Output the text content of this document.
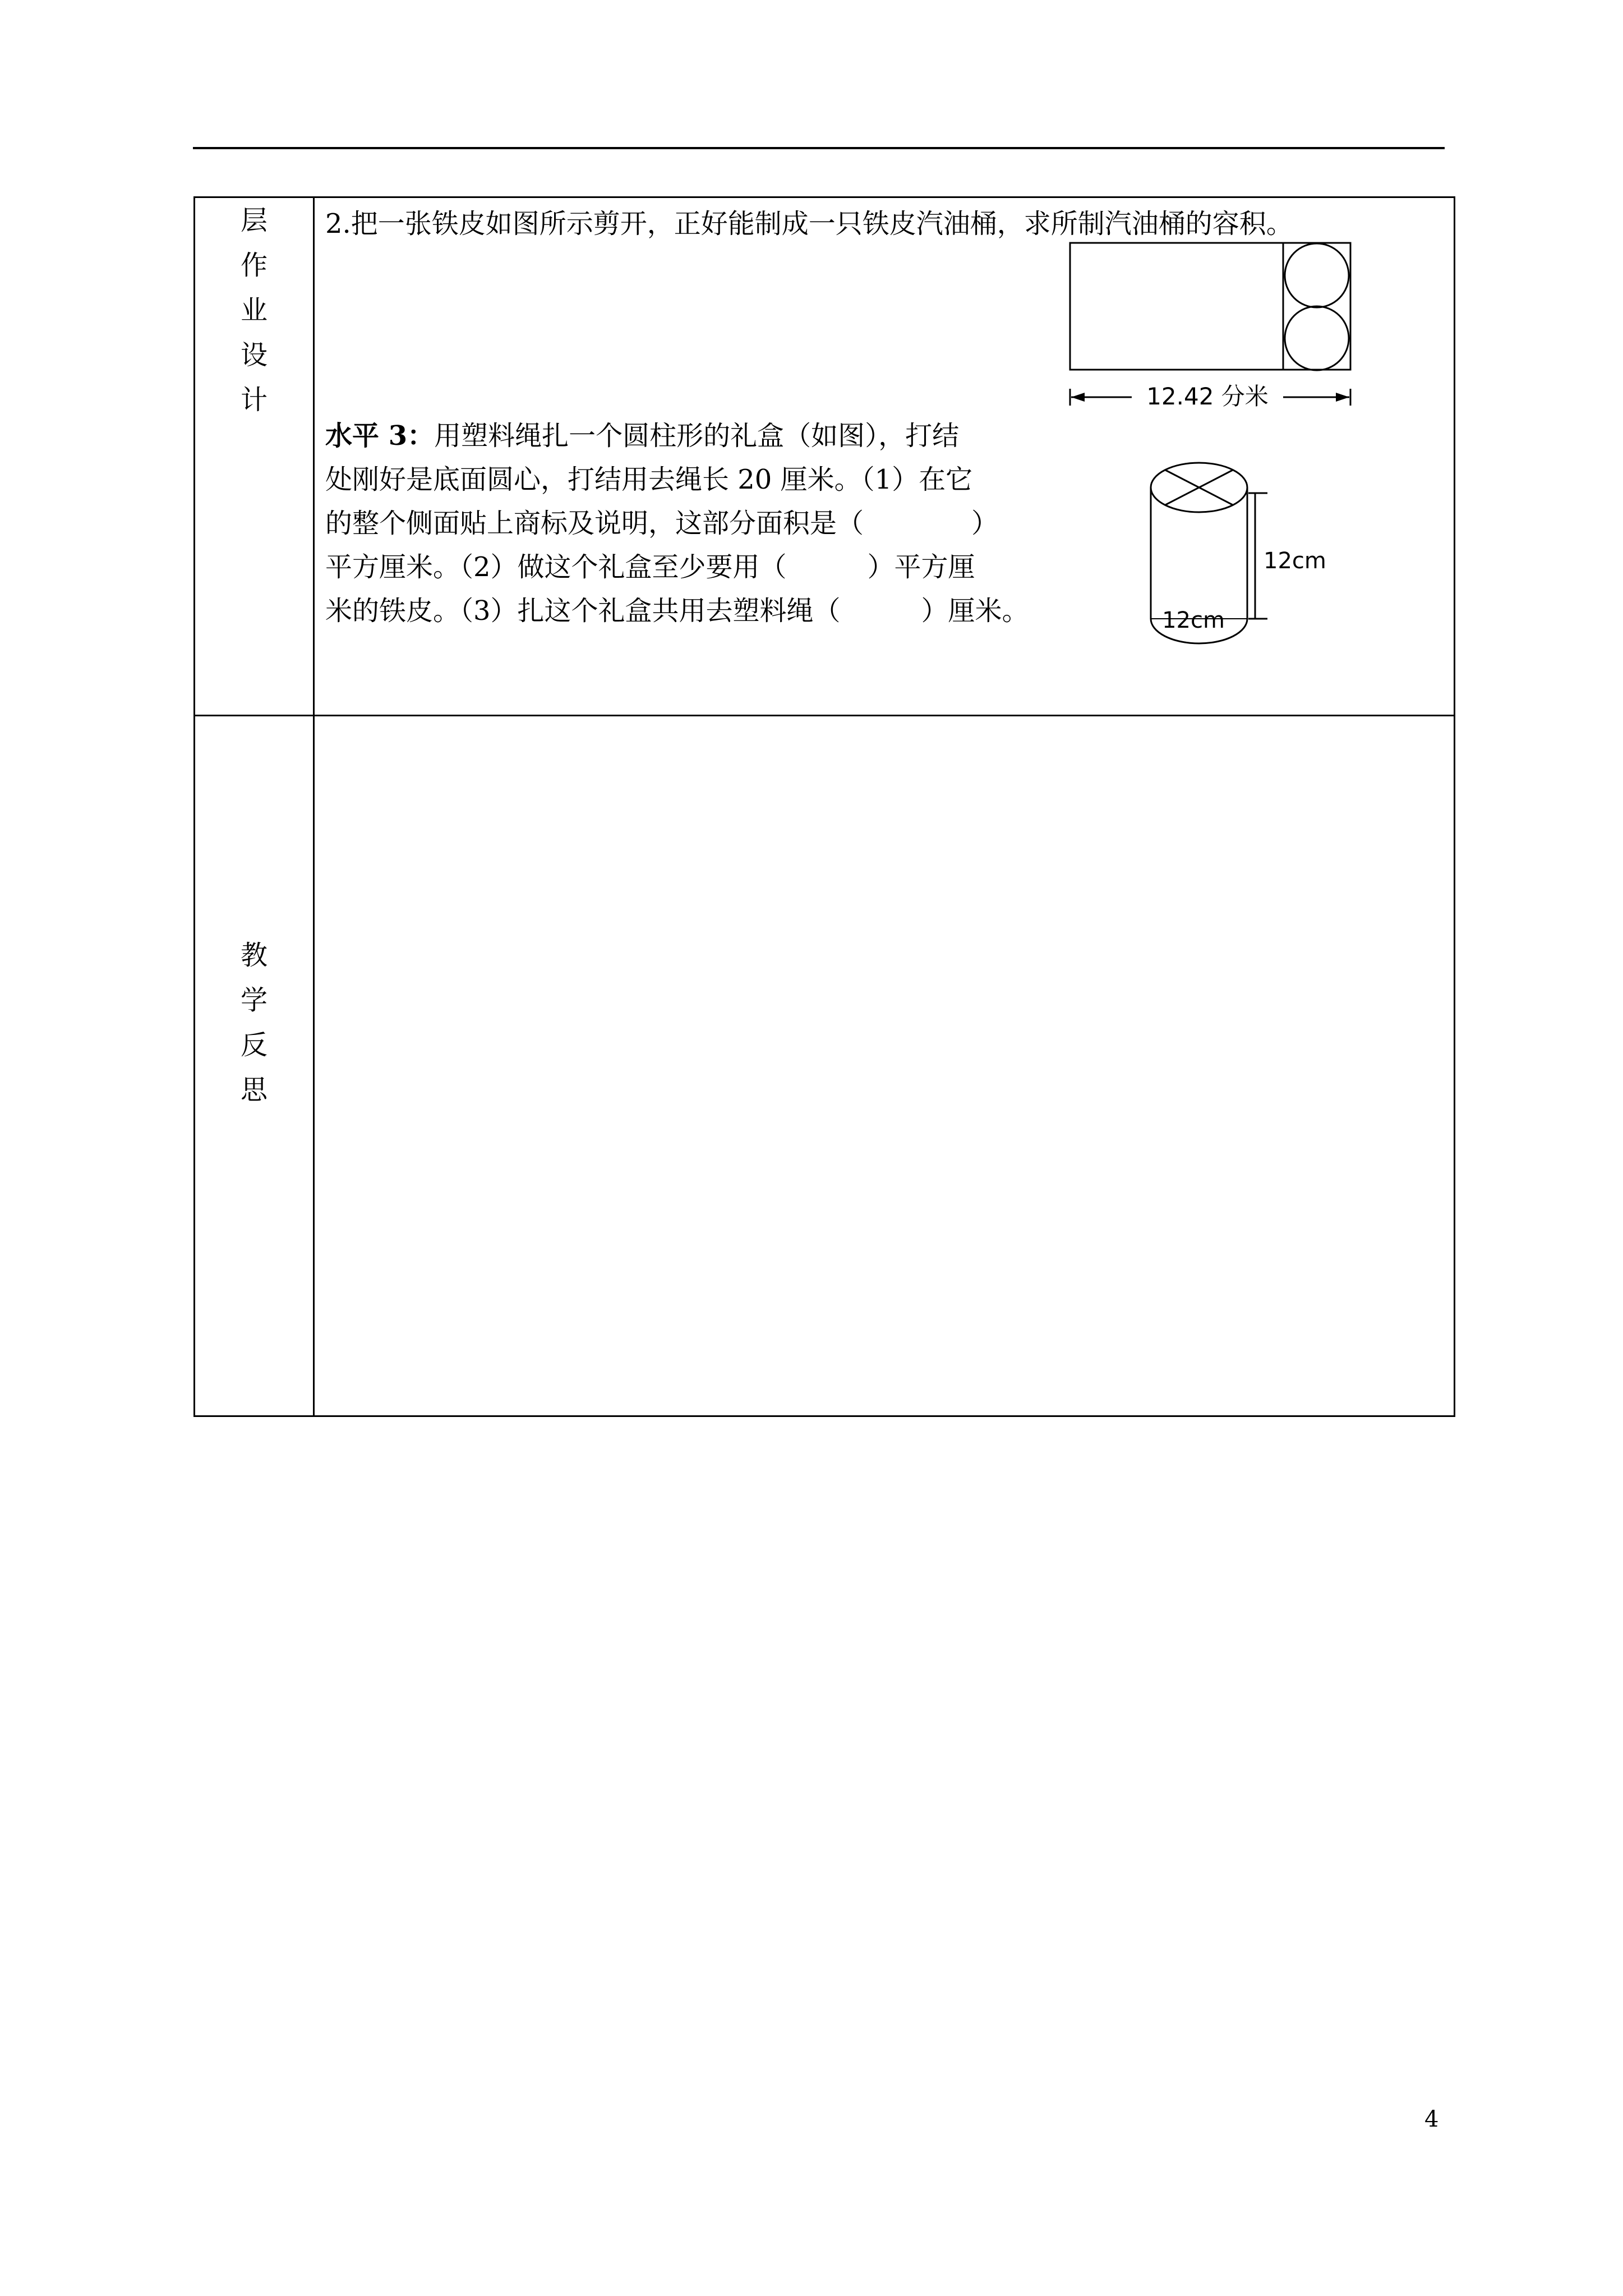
层
作
业
设
计
2.把一张铁皮如图所示剪开，正好能制成一只铁皮汽油桶，求所制汽油桶的容积。
12.42 分米
水平 3：用塑料绳扎一个圆柱形的礼盒（如图），打结
处刚好是底面圆心，打结用去绳长 20 厘米。（1）在它
的整个侧面贴上商标及说明，这部分面积是（　　　　）
平方厘米。（2）做这个礼盒至少要用（　　　）平方厘
米的铁皮。（3）扎这个礼盒共用去塑料绳（　　　）厘米。
12cm
12cm
教
学
反
思
4
